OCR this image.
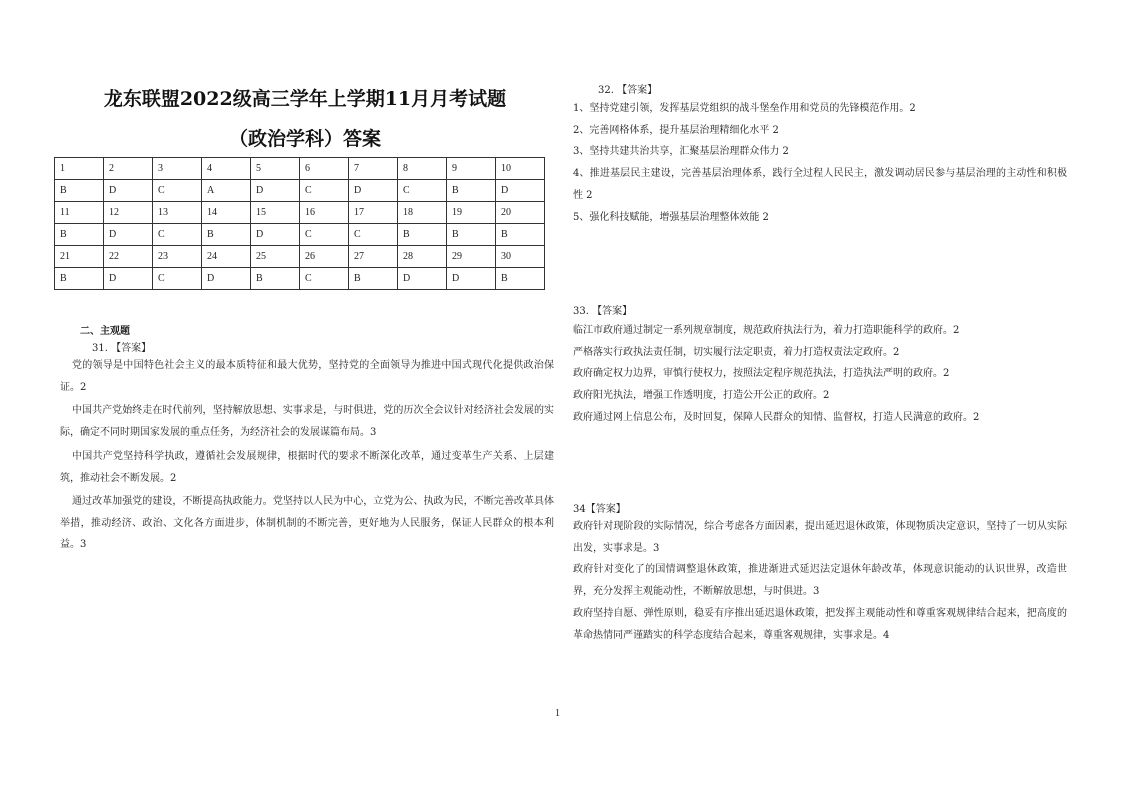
龙东联盟2022级高三学年上学期11月月考试题
（政治学科）答案
1	2	3	4	5	6	7	8	9	10
B	D	C	A	D	C	D	C	B	D
11	12	13	14	15	16	17	18	19	20
B	D	C	B	D	C	C	B	B	B
21	22	23	24	25	26	27	28	29	30
B	D	C	D	B	C	B	D	D	B
二、主观题
31. 【答案】

党的领导是中国特色社会主义的最本质特征和最大优势，坚持党的全面领导为推进中国式现代化提供政治保证。2

中国共产党始终走在时代前列，坚持解放思想、实事求是，与时俱进，党的历次全会议针对经济社会发展的实际，确定不同时期国家发展的重点任务，为经济社会的发展谋篇布局。3

中国共产党坚持科学执政，遵循社会发展规律，根据时代的要求不断深化改革，通过变革生产关系、上层建筑，推动社会不断发展。2

通过改革加强党的建设，不断提高执政能力。党坚持以人民为中心，立党为公、执政为民，不断完善改革具体举措，推动经济、政治、文化各方面进步，体制机制的不断完善，更好地为人民服务，保证人民群众的根本利益。3

32. 【答案】

1、坚持党建引领，发挥基层党组织的战斗堡垒作用和党员的先锋模范作用。2

2、完善网格体系，提升基层治理精细化水平 2

3、坚持共建共治共享，汇聚基层治理群众伟力 2

4、推进基层民主建设，完善基层治理体系，践行全过程人民民主，激发调动居民参与基层治理的主动性和积极性 2

5、强化科技赋能，增强基层治理整体效能 2

33. 【答案】

临江市政府通过制定一系列规章制度，规范政府执法行为，着力打造职能科学的政府。2

严格落实行政执法责任制，切实履行法定职责，着力打造权责法定政府。2

政府确定权力边界，审慎行使权力，按照法定程序规范执法，打造执法严明的政府。2

政府阳光执法，增强工作透明度，打造公开公正的政府。2

政府通过网上信息公布，及时回复，保障人民群众的知情、监督权，打造人民满意的政府。2

34【答案】

政府针对现阶段的实际情况，综合考虑各方面因素，提出延迟退休政策，体现物质决定意识，坚持了一切从实际出发，实事求是。3

政府针对变化了的国情调整退休政策，推进渐进式延迟法定退休年龄改革，体现意识能动的认识世界，改造世界，充分发挥主观能动性，不断解放思想，与时俱进。3

政府坚持自愿、弹性原则，稳妥有序推出延迟退休政策，把发挥主观能动性和尊重客观规律结合起来，把高度的革命热情同严谨踏实的科学态度结合起来，尊重客观规律，实事求是。4

1
